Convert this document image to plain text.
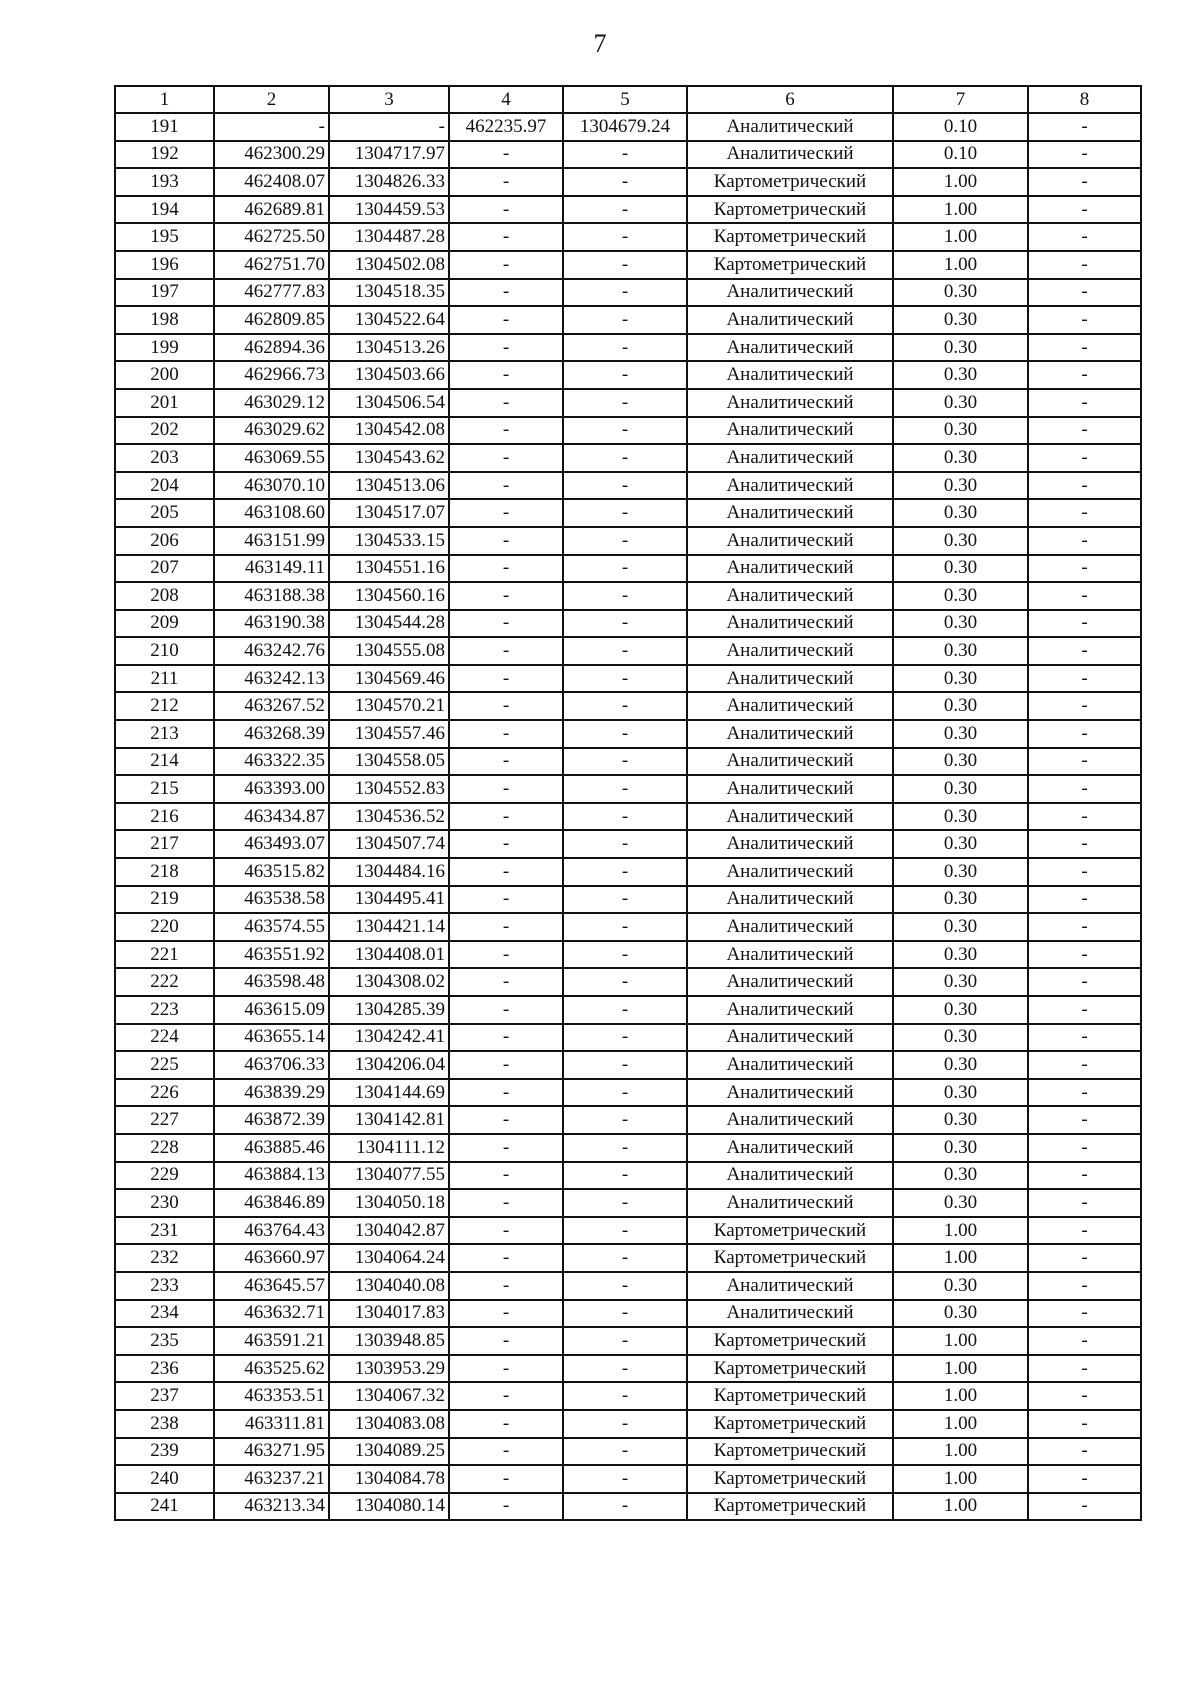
7
1	2	3	4	5	6	7	8
191	-	-	462235.97	1304679.24	Аналитический	0.10	-
192	462300.29	1304717.97	-	-	Аналитический	0.10	-
193	462408.07	1304826.33	-	-	Картометрический	1.00	-
194	462689.81	1304459.53	-	-	Картометрический	1.00	-
195	462725.50	1304487.28	-	-	Картометрический	1.00	-
196	462751.70	1304502.08	-	-	Картометрический	1.00	-
197	462777.83	1304518.35	-	-	Аналитический	0.30	-
198	462809.85	1304522.64	-	-	Аналитический	0.30	-
199	462894.36	1304513.26	-	-	Аналитический	0.30	-
200	462966.73	1304503.66	-	-	Аналитический	0.30	-
201	463029.12	1304506.54	-	-	Аналитический	0.30	-
202	463029.62	1304542.08	-	-	Аналитический	0.30	-
203	463069.55	1304543.62	-	-	Аналитический	0.30	-
204	463070.10	1304513.06	-	-	Аналитический	0.30	-
205	463108.60	1304517.07	-	-	Аналитический	0.30	-
206	463151.99	1304533.15	-	-	Аналитический	0.30	-
207	463149.11	1304551.16	-	-	Аналитический	0.30	-
208	463188.38	1304560.16	-	-	Аналитический	0.30	-
209	463190.38	1304544.28	-	-	Аналитический	0.30	-
210	463242.76	1304555.08	-	-	Аналитический	0.30	-
211	463242.13	1304569.46	-	-	Аналитический	0.30	-
212	463267.52	1304570.21	-	-	Аналитический	0.30	-
213	463268.39	1304557.46	-	-	Аналитический	0.30	-
214	463322.35	1304558.05	-	-	Аналитический	0.30	-
215	463393.00	1304552.83	-	-	Аналитический	0.30	-
216	463434.87	1304536.52	-	-	Аналитический	0.30	-
217	463493.07	1304507.74	-	-	Аналитический	0.30	-
218	463515.82	1304484.16	-	-	Аналитический	0.30	-
219	463538.58	1304495.41	-	-	Аналитический	0.30	-
220	463574.55	1304421.14	-	-	Аналитический	0.30	-
221	463551.92	1304408.01	-	-	Аналитический	0.30	-
222	463598.48	1304308.02	-	-	Аналитический	0.30	-
223	463615.09	1304285.39	-	-	Аналитический	0.30	-
224	463655.14	1304242.41	-	-	Аналитический	0.30	-
225	463706.33	1304206.04	-	-	Аналитический	0.30	-
226	463839.29	1304144.69	-	-	Аналитический	0.30	-
227	463872.39	1304142.81	-	-	Аналитический	0.30	-
228	463885.46	1304111.12	-	-	Аналитический	0.30	-
229	463884.13	1304077.55	-	-	Аналитический	0.30	-
230	463846.89	1304050.18	-	-	Аналитический	0.30	-
231	463764.43	1304042.87	-	-	Картометрический	1.00	-
232	463660.97	1304064.24	-	-	Картометрический	1.00	-
233	463645.57	1304040.08	-	-	Аналитический	0.30	-
234	463632.71	1304017.83	-	-	Аналитический	0.30	-
235	463591.21	1303948.85	-	-	Картометрический	1.00	-
236	463525.62	1303953.29	-	-	Картометрический	1.00	-
237	463353.51	1304067.32	-	-	Картометрический	1.00	-
238	463311.81	1304083.08	-	-	Картометрический	1.00	-
239	463271.95	1304089.25	-	-	Картометрический	1.00	-
240	463237.21	1304084.78	-	-	Картометрический	1.00	-
241	463213.34	1304080.14	-	-	Картометрический	1.00	-
